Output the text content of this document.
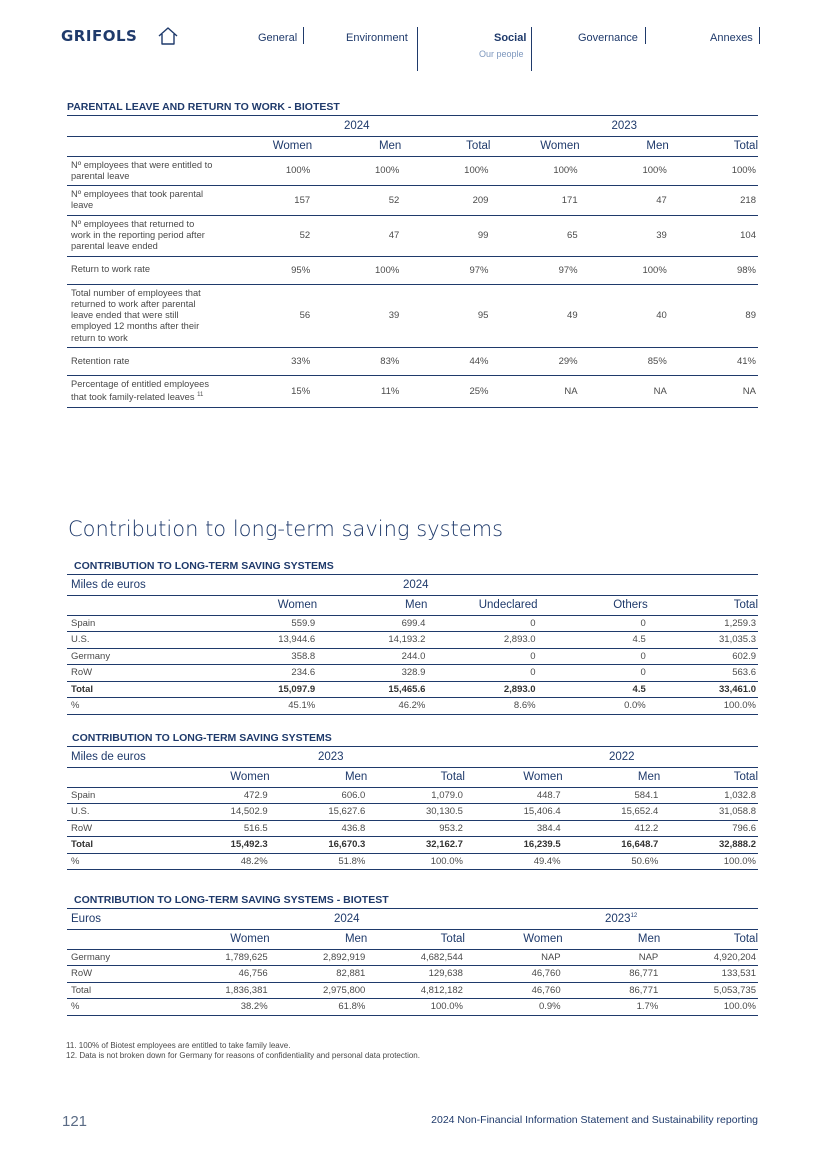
GRIFOLS	General	Environment	Social
Our people
Governance	Annexes
PARENTAL LEAVE AND RETURN TO WORK - BIOTEST
	2024			2023		
	Women	Men	Total	Women	Men	Total
Nº employees that were entitled to parental leave	100%	100%	100%	100%	100%	100%
Nº employees that took parental leave	157	52	209	171	47	218
Nº employees that returned to work in the reporting period after parental leave ended	52	47	99	65	39	104
Return to work rate	95%	100%	97%	97%	100%	98%
Total number of employees that returned to work after parental leave ended that were still employed 12 months after their return to work	56	39	95	49	40	89
Retention rate	33%	83%	44%	29%	85%	41%
Percentage of entitled employees that took family-related leaves $^{11}$	15%	11%	25%	NA	NA	NA
Contribution to long-term saving systems
CONTRIBUTION TO LONG-TERM SAVING SYSTEMS
Miles de euros	2024				
	Women	Men	Undeclared	Others	Total
Spain	559.9	699.4	0	0	1,259.3
U.S.	13,944.6	14,193.2	2,893.0	4.5	31,035.3
Germany	358.8	244.0	0	0	602.9
RoW	234.6	328.9	0	0	563.6
Total	15,097.9	15,465.6	2,893.0	4.5	33,461.0
%	45.1%	46.2%	8.6%	0.0%	100.0%
CONTRIBUTION TO LONG-TERM SAVING SYSTEMS
Miles de euros	2023			2022		
	Women	Men	Total	Women	Men	Total
Spain	472.9	606.0	1,079.0	448.7	584.1	1,032.8
U.S.	14,502.9	15,627.6	30,130.5	15,406.4	15,652.4	31,058.8
RoW	516.5	436.8	953.2	384.4	412.2	796.6
Total	15,492.3	16,670.3	32,162.7	16,239.5	16,648.7	32,888.2
%	48.2%	51.8%	100.0%	49.4%	50.6%	100.0%
CONTRIBUTION TO LONG-TERM SAVING SYSTEMS - BIOTEST
Euros	2024			2023$^{12}$
	Women	Men	Total	Women	Men	Total
Germany	1,789,625	2,892,919	4,682,544	NAP	NAP	4,920,204
RoW	46,756	82,881	129,638	46,760	86,771	133,531
Total	1,836,381	2,975,800	4,812,182	46,760	86,771	5,053,735
%	38.2%	61.8%	100.0%	0.9%	1.7%	100.0%
11. 100% of Biotest employees are entitled to take family leave.
12. Data is not broken down for Germany for reasons of confidentiality and personal data protection.
121	2024 Non-Financial Information Statement and Sustainability reporting
